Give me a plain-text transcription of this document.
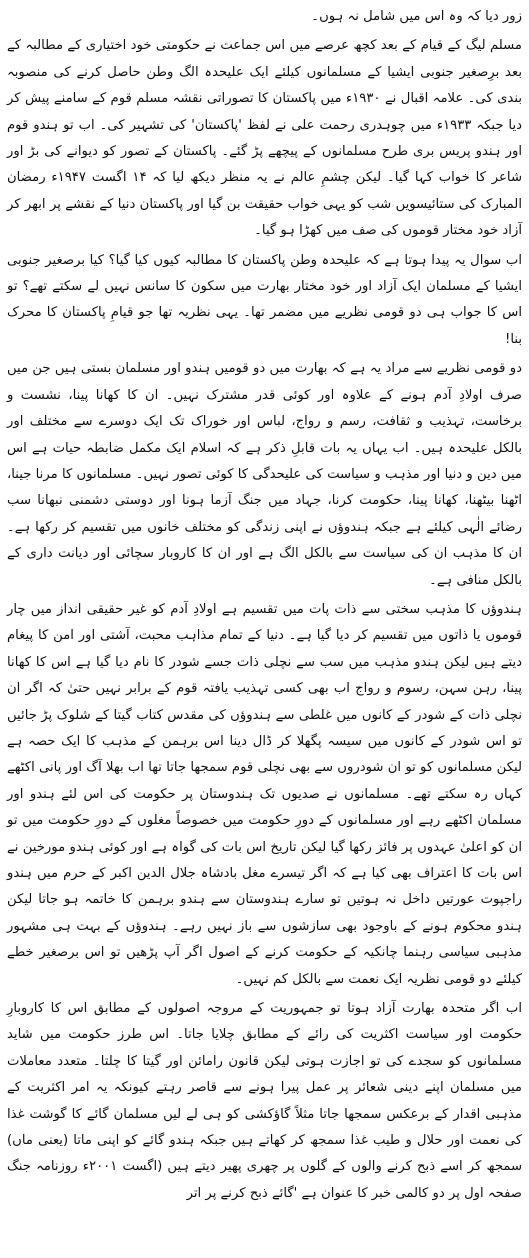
زور دیا کہ وہ اس میں شامل نہ ہوں۔

مسلم لیگ کے قیام کے بعد کچھ عرصے میں اس جماعت نے حکومتی خود اختیاری کے مطالبہ کے بعد برِصغیر جنوبی ایشیا کے مسلمانوں کیلئے ایک علیحدہ الگ وطن حاصل کرنے کی منصوبہ بندی کی۔ علامہ اقبال نے ۱۹۳۰ء میں پاکستان کا تصوراتی نقشہ مسلم قوم کے سامنے پیش کر دیا جبکہ ۱۹۳۳ء میں چوہدری رحمت علی نے لفظ 'پاکستان' کی تشہیر کی۔ اب تو ہندو قوم اور ہندو پریس بری طرح مسلمانوں کے پیچھے پڑ گئے۔ پاکستان کے تصور کو دیوانے کی بڑ اور شاعر کا خواب کہا گیا۔ لیکن چشمِ عالم نے یہ منظر دیکھ لیا کہ ۱۴ اگست ۱۹۴۷ء رمضان المبارک کی ستائیسویں شب کو یہی خواب حقیقت بن گیا اور پاکستان دنیا کے نقشے پر ابھر کر آزاد خود مختار قوموں کی صف میں کھڑا ہو گیا۔

اب سوال یہ پیدا ہوتا ہے کہ علیحدہ وطن پاکستان کا مطالبہ کیوں کیا گیا؟ کیا برصغیر جنوبی ایشیا کے مسلمان ایک آزاد اور خود مختار بھارت میں سکون کا سانس نہیں لے سکتے تھے؟ تو اس کا جواب ہی دو قومی نظریے میں مضمر تھا۔ یہی نظریہ تھا جو قیامِ پاکستان کا محرک بنا!

دو قومی نظریے سے مراد یہ ہے کہ بھارت میں دو قومیں ہندو اور مسلمان بستی ہیں جن میں صرف اولادِ آدم ہونے کے علاوہ اور کوئی قدر مشترک نہیں۔ ان کا کھانا پینا، نشست و برخاست، تہذیب و ثقافت، رسم و رواج، لباس اور خوراک تک ایک دوسرے سے مختلف اور بالکل علیحدہ ہیں۔ اب یہاں یہ بات قابلِ ذکر ہے کہ اسلام ایک مکمل ضابطہ حیات ہے اس میں دین و دنیا اور مذہب و سیاست کی علیحدگی کا کوئی تصور نہیں۔ مسلمانوں کا مرنا جینا، اٹھنا بیٹھنا، کھانا پینا، حکومت کرنا، جہاد میں جنگ آزما ہونا اور دوستی دشمنی نبھانا سب رضائے الٰہی کیلئے ہے جبکہ ہندوؤں نے اپنی زندگی کو مختلف خانوں میں تقسیم کر رکھا ہے۔ ان کا مذہب ان کی سیاست سے بالکل الگ ہے اور ان کا کاروبار سچائی اور دیانت داری کے بالکل منافی ہے۔

ہندوؤں کا مذہب سختی سے ذات پات میں تقسیم ہے اولادِ آدم کو غیر حقیقی انداز میں چار قوموں یا ذاتوں میں تقسیم کر دیا گیا ہے۔ دنیا کے تمام مذاہب محبت، آشتی اور امن کا پیغام دیتے ہیں لیکن ہندو مذہب میں سب سے نچلی ذات جسے شودر کا نام دیا گیا ہے اس کا کھانا پینا، رہن سہن، رسوم و رواج اب بھی کسی تہذیب یافتہ قوم کے برابر نہیں حتیٰ کہ اگر ان نچلی ذات کے شودر کے کانوں میں غلطی سے ہندوؤں کی مقدس کتاب گیتا کے شلوک پڑ جائیں تو اس شودر کے کانوں میں سیسہ پگھلا کر ڈال دینا اس برہمن کے مذہب کا ایک حصہ ہے لیکن مسلمانوں کو تو ان شودروں سے بھی نچلی قوم سمجھا جاتا تھا اب بھلا آگ اور پانی اکٹھے کہاں رہ سکتے تھے۔ مسلمانوں نے صدیوں تک ہندوستان پر حکومت کی اس لئے ہندو اور مسلمان اکٹھے رہے اور مسلمانوں کے دورِ حکومت میں خصوصاً مغلوں کے دورِ حکومت میں تو ان کو اعلیٰ عہدوں پر فائز رکھا گیا لیکن تاریخ اس بات کی گواہ ہے اور کوئی ہندو مورخین نے اس بات کا اعتراف بھی کیا ہے کہ اگر تیسرے مغل بادشاہ جلال الدین اکبر کے حرم میں ہندو راجپوت عورتیں داخل نہ ہوتیں تو سارے ہندوستان سے ہندو برہمن کا خاتمہ ہو جاتا لیکن ہندو محکوم ہونے کے باوجود بھی سازشوں سے باز نہیں رہے۔ ہندوؤں کے بہت ہی مشہور مذہبی سیاسی رہنما چانکیہ کے حکومت کرنے کے اصول اگر آپ پڑھیں تو اس برصغیر خطے کیلئے دو قومی نظریہ ایک نعمت سے بالکل کم نہیں۔

اب اگر متحدہ بھارت آزاد ہوتا تو جمہوریت کے مروجہ اصولوں کے مطابق اس کا کاروبارِ حکومت اور سیاست اکثریت کی رائے کے مطابق چلایا جاتا۔ اس طرز حکومت میں شاید مسلمانوں کو سجدے کی تو اجازت ہوتی لیکن قانون رامائن اور گیتا کا چلتا۔ متعدد معاملات میں مسلمان اپنے دینی شعائر پر عمل پیرا ہونے سے قاصر رہتے کیونکہ یہ امر اکثریت کے مذہبی اقدار کے برعکس سمجھا جاتا مثلاً گاؤکشی کو ہی لے لیں مسلمان گائے کا گوشت غذا کی نعمت اور حلال و طیب غذا سمجھ کر کھاتے ہیں جبکہ ہندو گائے کو اپنی ماتا (یعنی ماں) سمجھ کر اسے ذبح کرنے والوں کے گلوں پر چھری پھیر دیتے ہیں (اگست ۲۰۰۱ء روزنامہ جنگ صفحہ اول پر دو کالمی خبر کا عنوان ہے 'گائے ذبح کرنے پر اتر
